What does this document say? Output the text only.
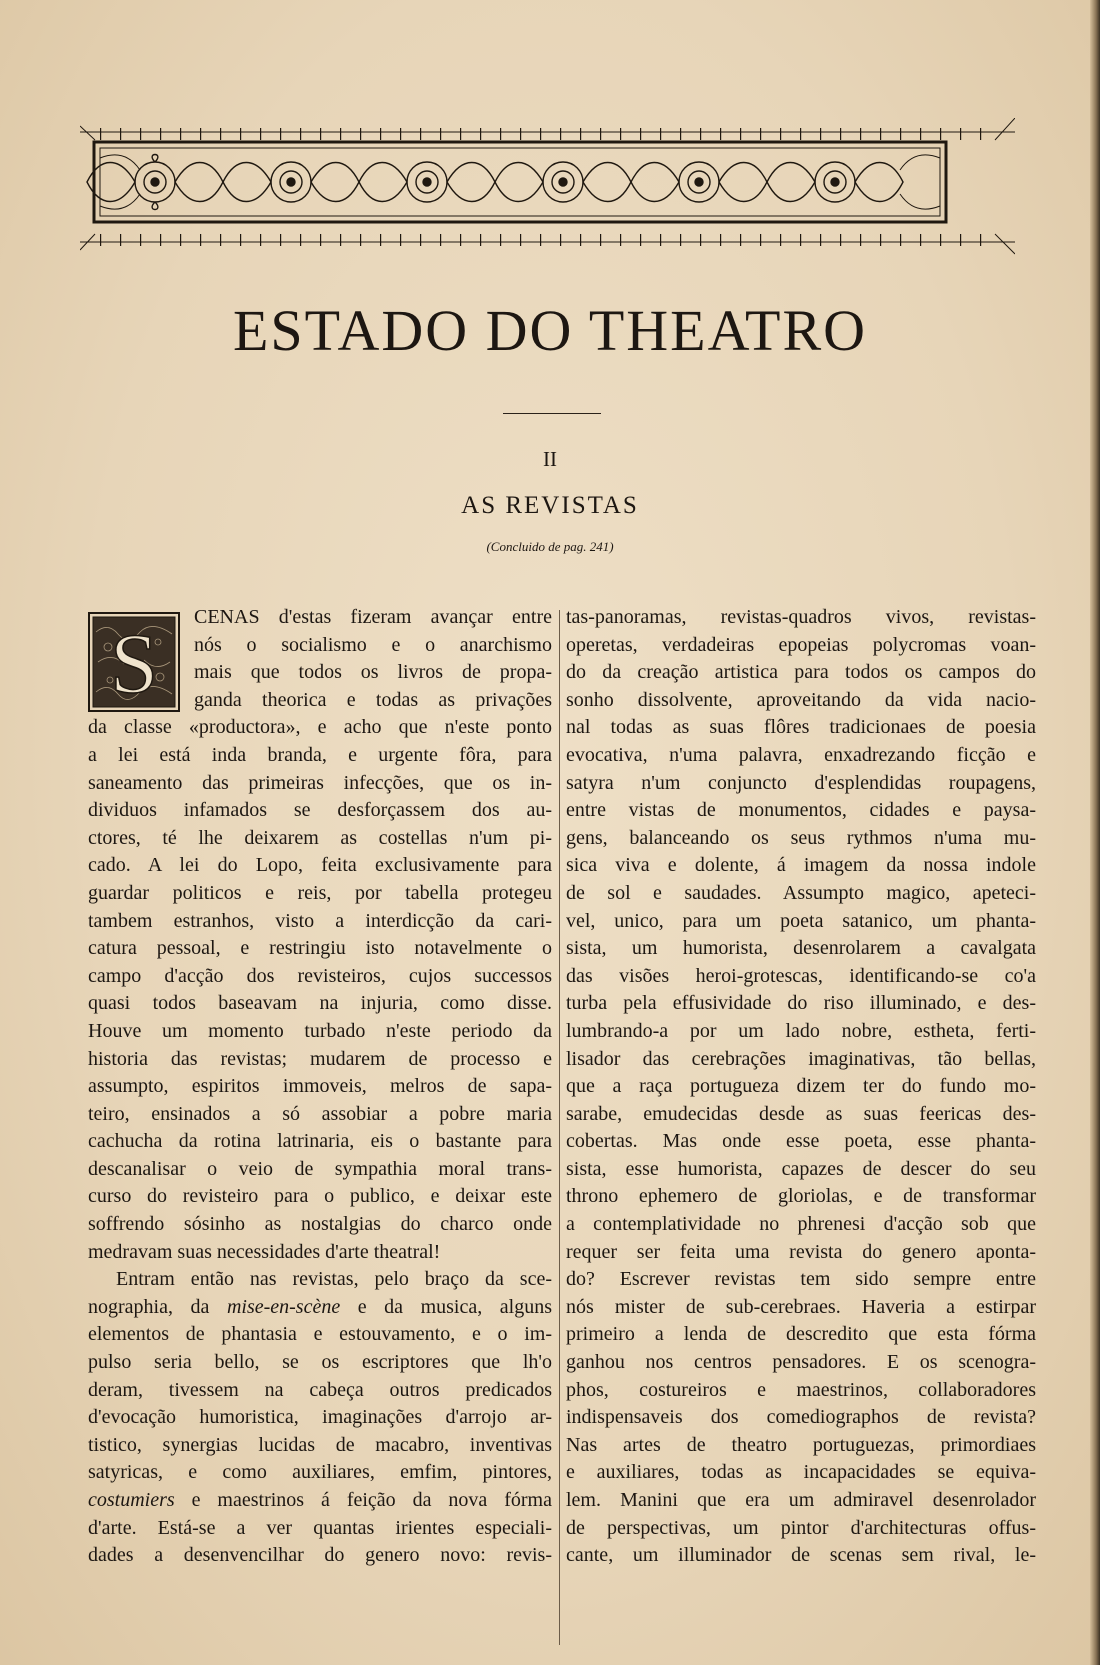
ESTADO DO THEATRO
II
AS REVISTAS
(Concluido de pag. 241)
S	CENAS d'estas fizeram avançar entre
nós o socialismo e o anarchismo
mais que todos os livros de propa-
ganda theorica e todas as privações
da classe «productora», e acho que n'este ponto
a lei está inda branda, e urgente fôra, para
saneamento das primeiras infecções, que os in-
dividuos infamados se desforçassem dos au-
ctores, té lhe deixarem as costellas n'um pi-
cado. A lei do Lopo, feita exclusivamente para
guardar politicos e reis, por tabella protegeu
tambem estranhos, visto a interdicção da cari-
catura pessoal, e restringiu isto notavelmente o
campo d'acção dos revisteiros, cujos successos
quasi todos baseavam na injuria, como disse.
Houve um momento turbado n'este periodo da
historia das revistas; mudarem de processo e
assumpto, espiritos immoveis, melros de sapa-
teiro, ensinados a só assobiar a pobre maria
cachucha da rotina latrinaria, eis o bastante para
descanalisar o veio de sympathia moral trans-
curso do revisteiro para o publico, e deixar este
soffrendo sósinho as nostalgias do charco onde
medravam suas necessidades d'arte theatral!
Entram então nas revistas, pelo braço da sce-
nographia, da mise-en-scène e da musica, alguns
elementos de phantasia e estouvamento, e o im-
pulso seria bello, se os escriptores que lh'o
deram, tivessem na cabeça outros predicados
d'evocação humoristica, imaginações d'arrojo ar-
tistico, synergias lucidas de macabro, inventivas
satyricas, e como auxiliares, emfim, pintores,
costumiers e maestrinos á feição da nova fórma
d'arte. Está-se a ver quantas irientes especiali-
dades a desenvencilhar do genero novo: revis-
tas-panoramas, revistas-quadros vivos, revistas-
operetas, verdadeiras epopeias polycromas voan-
do da creação artistica para todos os campos do
sonho dissolvente, aproveitando da vida nacio-
nal todas as suas flôres tradicionaes de poesia
evocativa, n'uma palavra, enxadrezando ficção e
satyra n'um conjuncto d'esplendidas roupagens,
entre vistas de monumentos, cidades e paysa-
gens, balanceando os seus rythmos n'uma mu-
sica viva e dolente, á imagem da nossa indole
de sol e saudades. Assumpto magico, apeteci-
vel, unico, para um poeta satanico, um phanta-
sista, um humorista, desenrolarem a cavalgata
das visões heroi-grotescas, identificando-se co'a
turba pela effusividade do riso illuminado, e des-
lumbrando-a por um lado nobre, estheta, ferti-
lisador das cerebrações imaginativas, tão bellas,
que a raça portugueza dizem ter do fundo mo-
sarabe, emudecidas desde as suas feericas des-
cobertas. Mas onde esse poeta, esse phanta-
sista, esse humorista, capazes de descer do seu
throno ephemero de gloriolas, e de transformar
a contemplatividade no phrenesi d'acção sob que
requer ser feita uma revista do genero aponta-
do? Escrever revistas tem sido sempre entre
nós mister de sub-cerebraes. Haveria a estirpar
primeiro a lenda de descredito que esta fórma
ganhou nos centros pensadores. E os scenogra-
phos, costureiros e maestrinos, collaboradores
indispensaveis dos comediographos de revista?
Nas artes de theatro portuguezas, primordiaes
e auxiliares, todas as incapacidades se equiva-
lem. Manini que era um admiravel desenrolador
de perspectivas, um pintor d'architecturas offus-
cante, um illuminador de scenas sem rival, le-
